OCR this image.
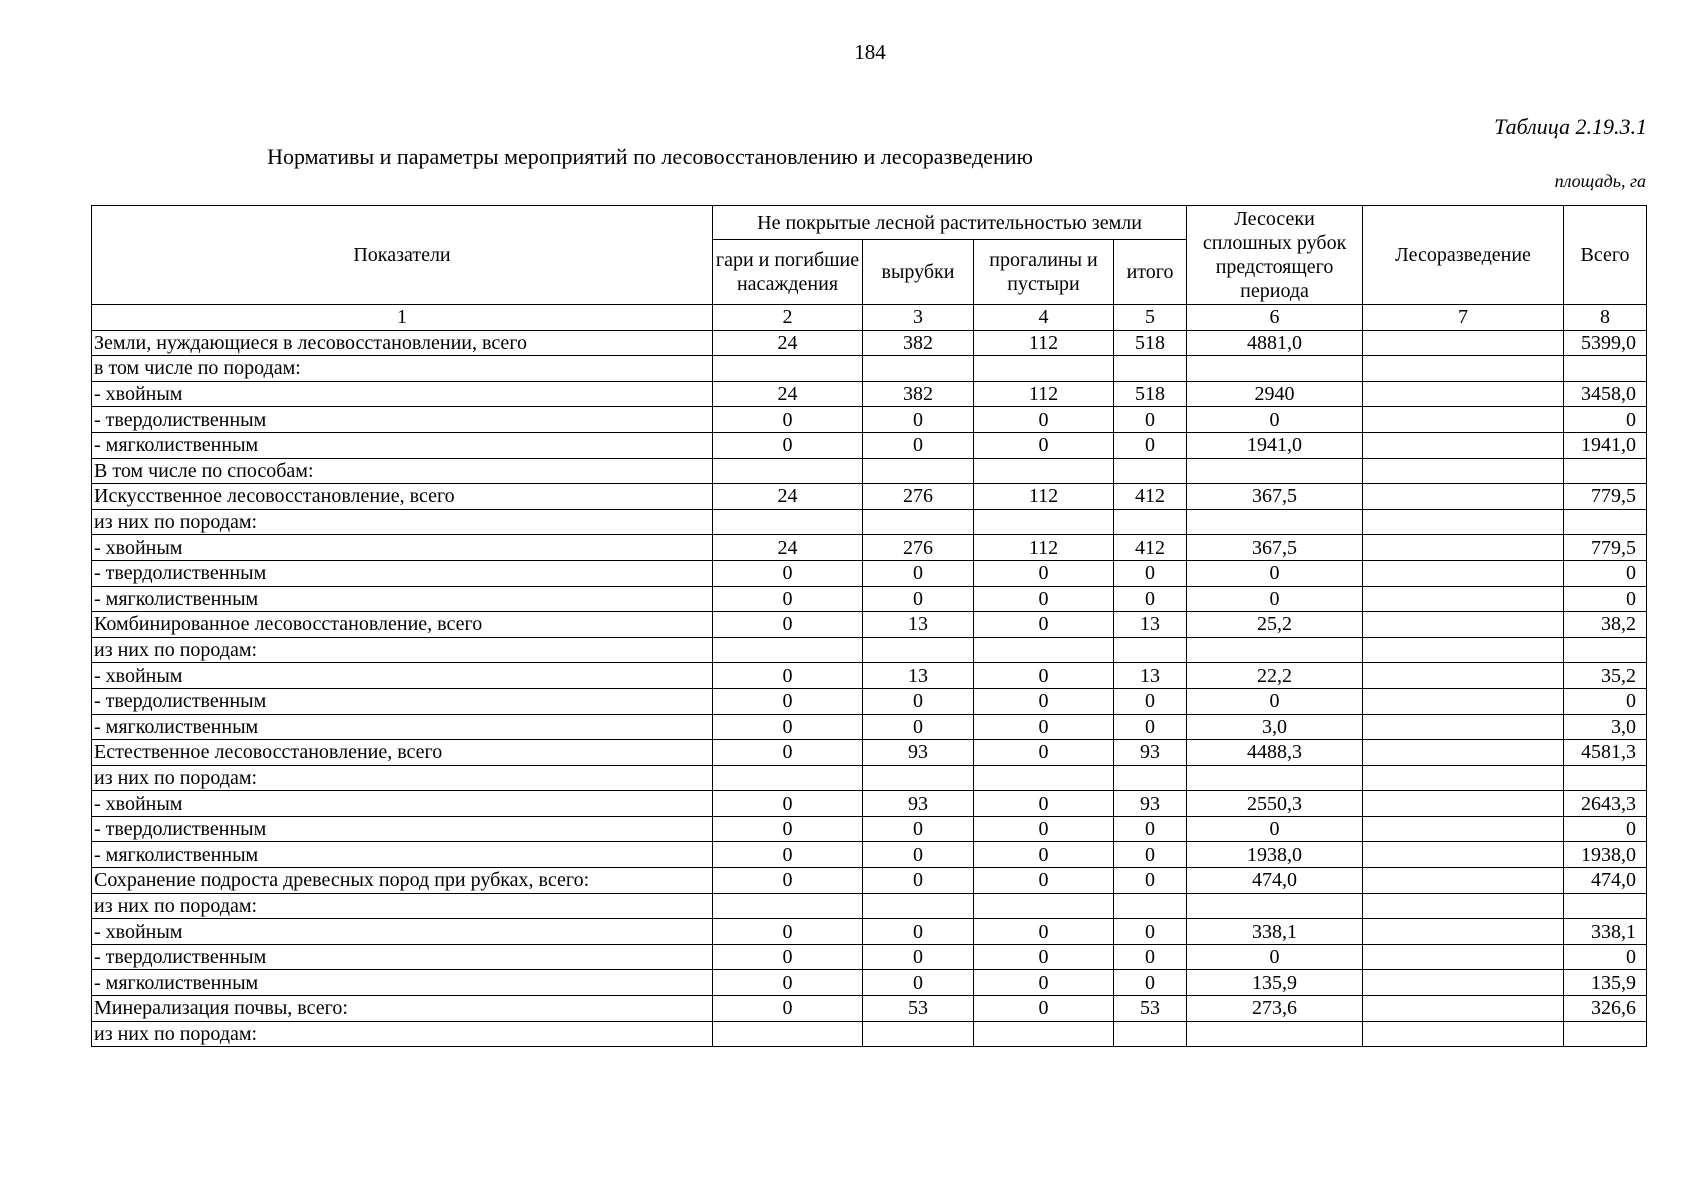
184
Таблица 2.19.3.1
Нормативы и параметры мероприятий по лесовосстановлению и лесоразведению
площадь, га
Показатели	Не покрытые лесной растительностью земли				Лесосеки сплошных рубок предстоящего периода	Лесоразведение	Всего
	гари и погибшие насаждения	вырубки	прогалины и пустыри	итого			
1	2	3	4	5	6	7	8
Земли, нуждающиеся в лесовосстановлении, всего	24	382	112	518	4881,0		5399,0
в том числе по породам:							
- хвойным	24	382	112	518	2940		3458,0
- твердолиственным	0	0	0	0	0		0
- мягколиственным	0	0	0	0	1941,0		1941,0
В том числе по способам:							
Искусственное лесовосстановление, всего	24	276	112	412	367,5		779,5
из них по породам:							
- хвойным	24	276	112	412	367,5		779,5
- твердолиственным	0	0	0	0	0		0
- мягколиственным	0	0	0	0	0		0
Комбинированное лесовосстановление, всего	0	13	0	13	25,2		38,2
из них по породам:							
- хвойным	0	13	0	13	22,2		35,2
- твердолиственным	0	0	0	0	0		0
- мягколиственным	0	0	0	0	3,0		3,0
Естественное лесовосстановление, всего	0	93	0	93	4488,3		4581,3
из них по породам:							
- хвойным	0	93	0	93	2550,3		2643,3
- твердолиственным	0	0	0	0	0		0
- мягколиственным	0	0	0	0	1938,0		1938,0
Сохранение подроста древесных пород при рубках, всего:	0	0	0	0	474,0		474,0
из них по породам:							
- хвойным	0	0	0	0	338,1		338,1
- твердолиственным	0	0	0	0	0		0
- мягколиственным	0	0	0	0	135,9		135,9
Минерализация почвы, всего:	0	53	0	53	273,6		326,6
из них по породам:							
